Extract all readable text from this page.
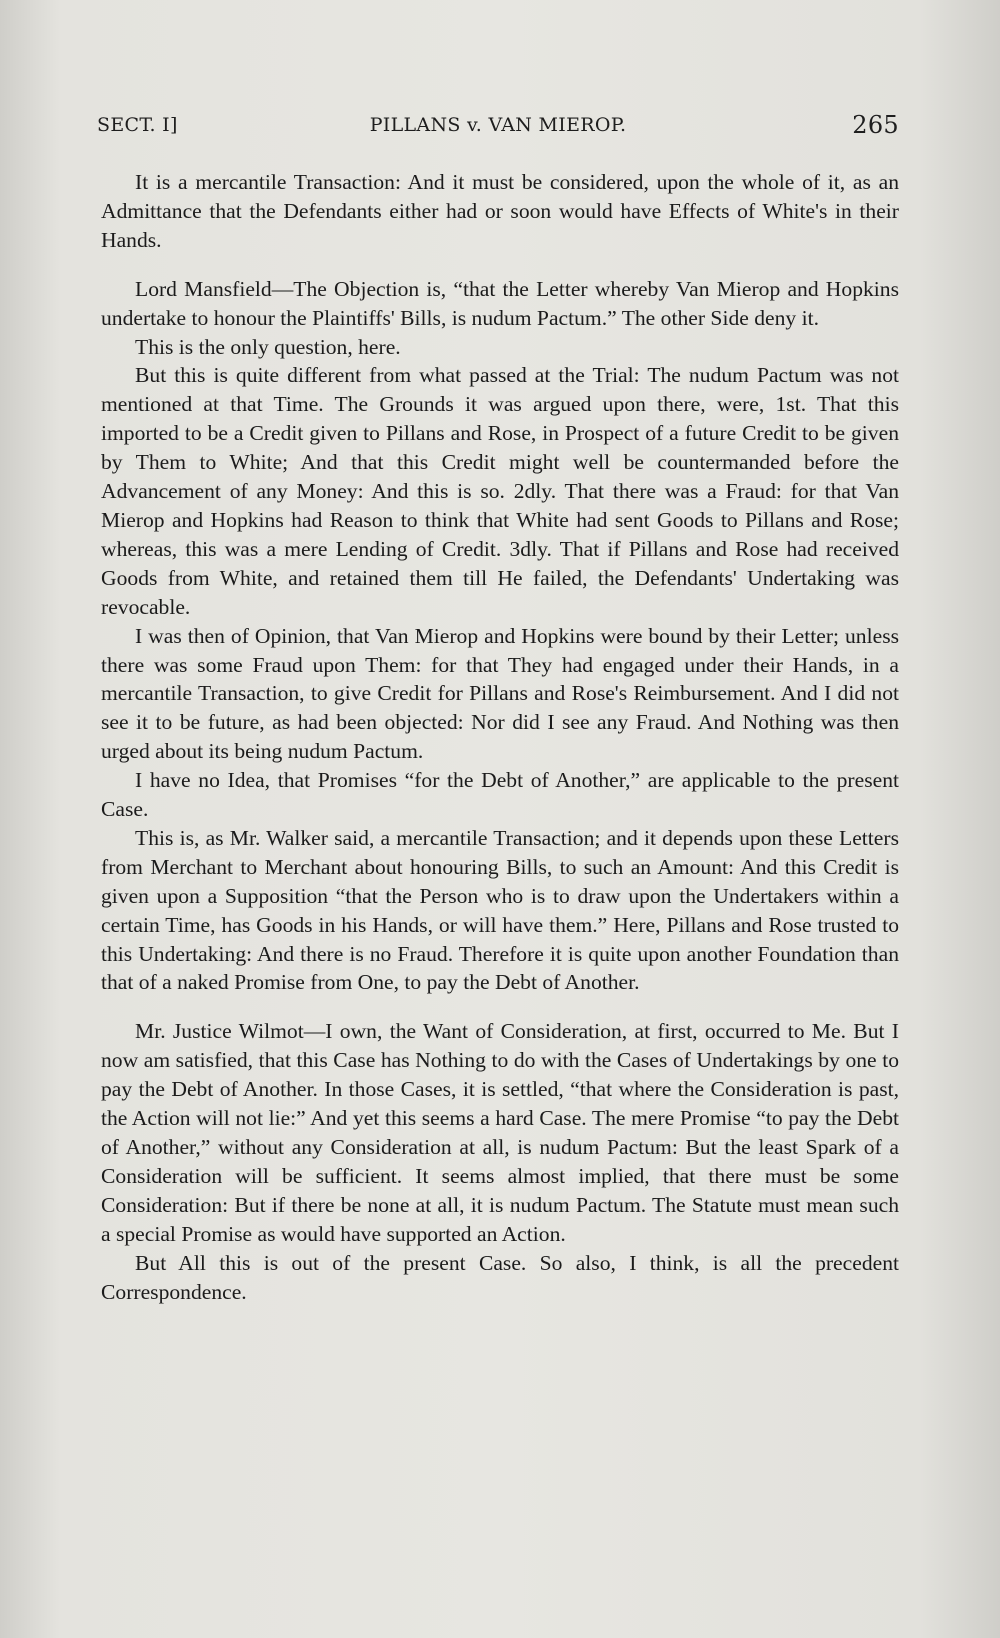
SECT. I]	PILLANS v. VAN MIEROP.	265

It is a mercantile Transaction: And it must be considered, upon the whole of it, as an Admittance that the Defendants either had or soon would have Effects of White's in their Hands.

Lord Mansfield—The Objection is, “that the Letter whereby Van Mierop and Hopkins undertake to honour the Plaintiffs' Bills, is nudum Pactum.” The other Side deny it.

This is the only question, here.

But this is quite different from what passed at the Trial: The nudum Pactum was not mentioned at that Time. The Grounds it was argued upon there, were, 1st. That this imported to be a Credit given to Pillans and Rose, in Prospect of a future Credit to be given by Them to White; And that this Credit might well be countermanded before the Advancement of any Money: And this is so. 2dly. That there was a Fraud: for that Van Mierop and Hopkins had Reason to think that White had sent Goods to Pillans and Rose; whereas, this was a mere Lending of Credit. 3dly. That if Pillans and Rose had received Goods from White, and retained them till He failed, the Defendants' Undertaking was revocable.

I was then of Opinion, that Van Mierop and Hopkins were bound by their Letter; unless there was some Fraud upon Them: for that They had engaged under their Hands, in a mercantile Transaction, to give Credit for Pillans and Rose's Reimbursement. And I did not see it to be future, as had been objected: Nor did I see any Fraud. And Nothing was then urged about its being nudum Pactum.

I have no Idea, that Promises “for the Debt of Another,” are applicable to the present Case.

This is, as Mr. Walker said, a mercantile Transaction; and it depends upon these Letters from Merchant to Merchant about honouring Bills, to such an Amount: And this Credit is given upon a Supposition “that the Person who is to draw upon the Undertakers within a certain Time, has Goods in his Hands, or will have them.” Here, Pillans and Rose trusted to this Undertaking: And there is no Fraud. Therefore it is quite upon another Foundation than that of a naked Promise from One, to pay the Debt of Another.

Mr. Justice Wilmot—I own, the Want of Consideration, at first, occurred to Me. But I now am satisfied, that this Case has Nothing to do with the Cases of Undertakings by one to pay the Debt of Another. In those Cases, it is settled, “that where the Consideration is past, the Action will not lie:” And yet this seems a hard Case. The mere Promise “to pay the Debt of Another,” without any Consideration at all, is nudum Pactum: But the least Spark of a Consideration will be sufficient. It seems almost implied, that there must be some Consideration: But if there be none at all, it is nudum Pactum. The Statute must mean such a special Promise as would have supported an Action.

But All this is out of the present Case. So also, I think, is all the precedent Correspondence.
